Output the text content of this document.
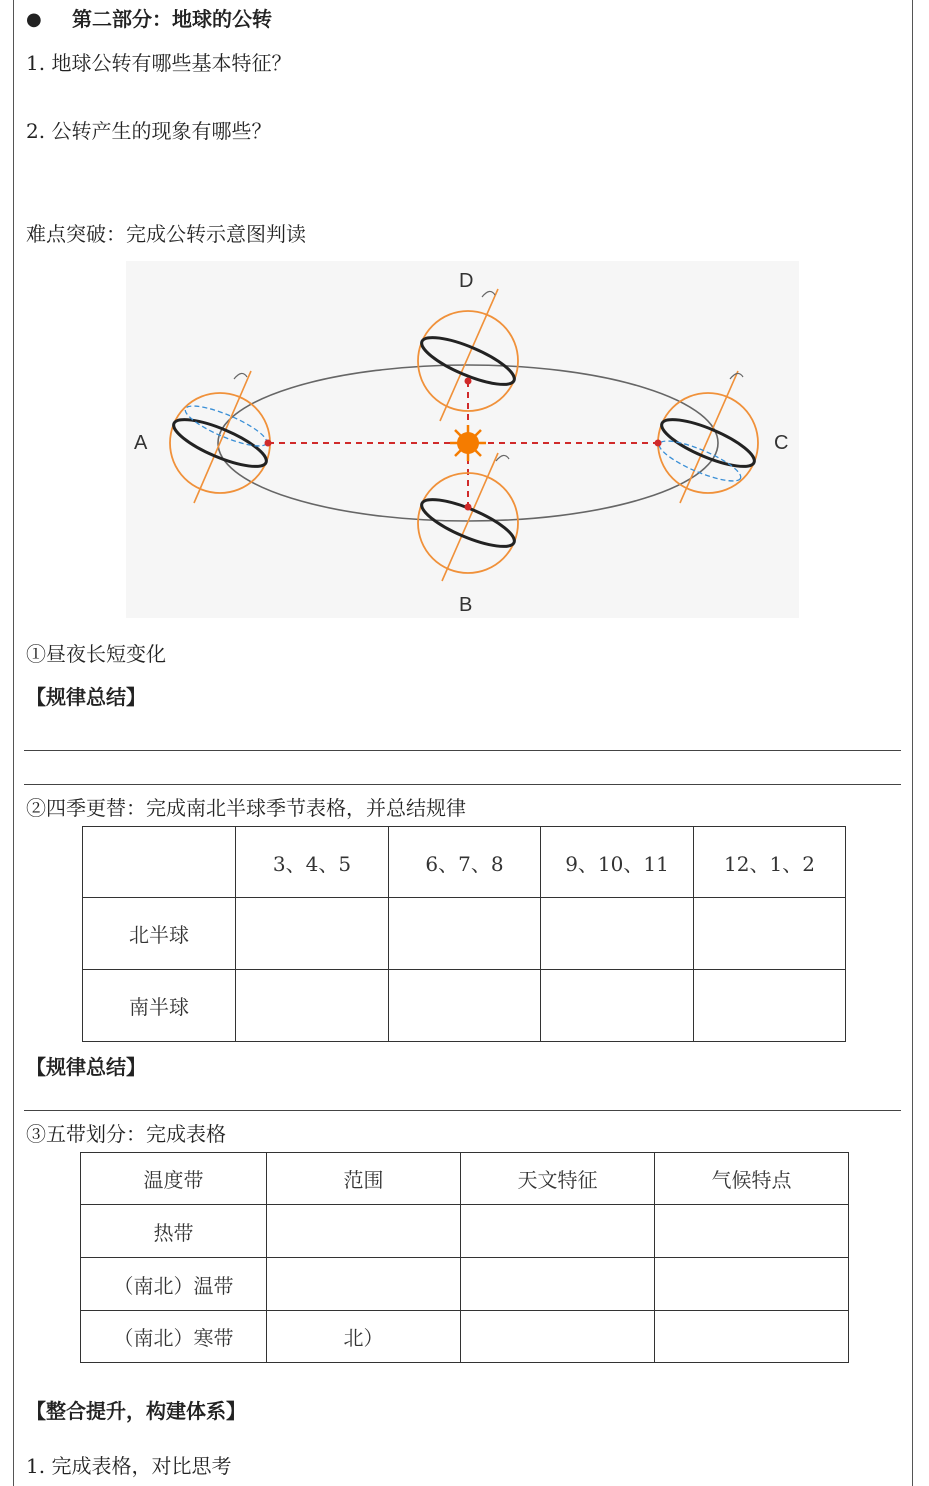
● 第二部分：地球的公转
1. 地球公转有哪些基本特征？
2. 公转产生的现象有哪些？
难点突破：完成公转示意图判读
A
D
C
B
①昼夜长短变化
【规律总结】
②四季更替：完成南北半球季节表格，并总结规律
	3、4、5	6、7、8	9、10、11	12、1、2
北半球				
南半球				
【规律总结】
③五带划分：完成表格
温度带	范围	天文特征	气候特点
热带			
（南北）温带			
（南北）寒带	北）		
【整合提升，构建体系】
1. 完成表格，对比思考
